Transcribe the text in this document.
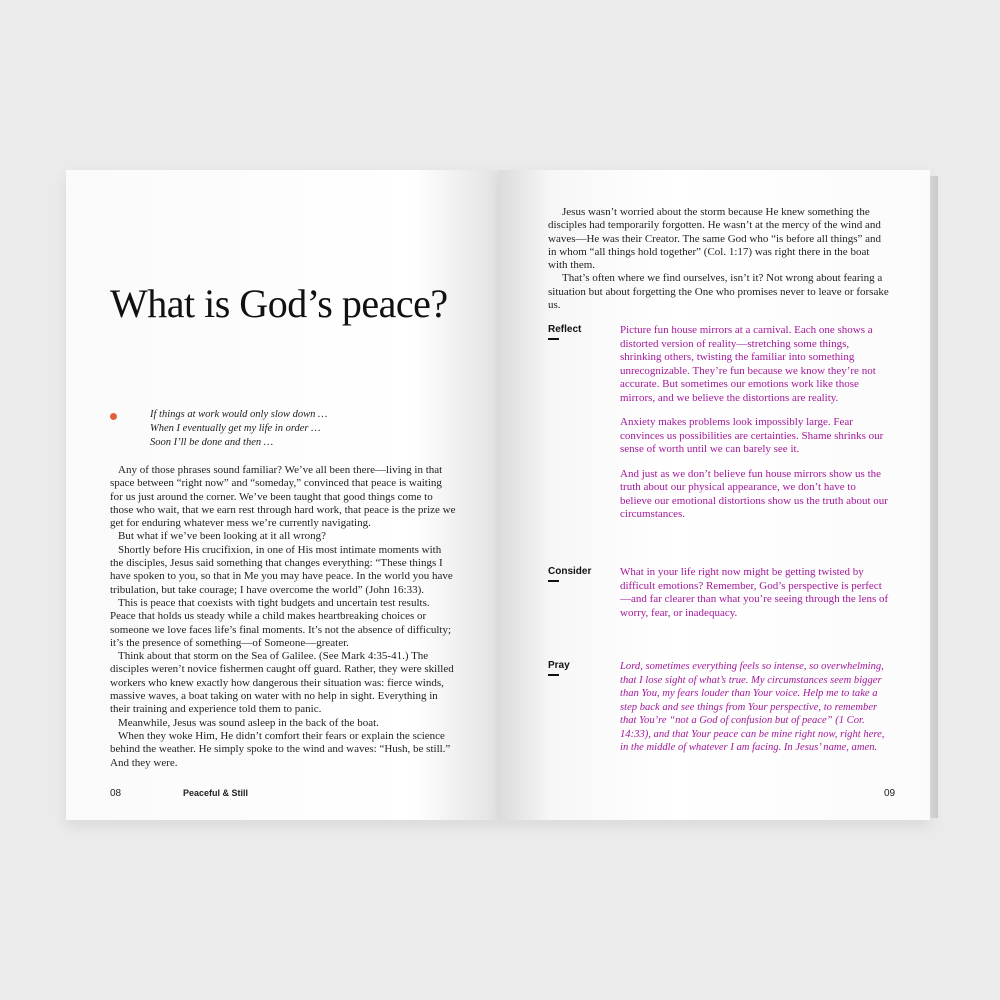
What is God’s peace?
If things at work would only slow down …
When I eventually get my life in order …
Soon I’ll be done and then …

Any of those phrases sound familiar? We’ve all been there—living in that space between “right now” and “someday,” convinced that peace is waiting for us just around the corner. We’ve been taught that good things come to those who wait, that we earn rest through hard work, that peace is the prize we get for enduring whatever mess we’re currently navigating.

But what if we’ve been looking at it all wrong?

Shortly before His crucifixion, in one of His most intimate moments with the disciples, Jesus said something that changes everything: “These things I have spoken to you, so that in Me you may have peace. In the world you have tribulation, but take courage; I have overcome the world” (John 16:33).

This is peace that coexists with tight budgets and uncertain test results. Peace that holds us steady while a child makes heartbreaking choices or someone we love faces life’s final moments. It’s not the absence of difficulty; it’s the presence of something—of Someone—greater.

Think about that storm on the Sea of Galilee. (See Mark 4:35-41.) The disciples weren’t novice fishermen caught off guard. Rather, they were skilled workers who knew exactly how dangerous their situation was: fierce winds, massive waves, a boat taking on water with no help in sight. Everything in their training and experience told them to panic.

Meanwhile, Jesus was sound asleep in the back of the boat.

When they woke Him, He didn’t comfort their fears or explain the science behind the weather. He simply spoke to the wind and waves: “Hush, be still.” And they were.

08	Peaceful & Still

Jesus wasn’t worried about the storm because He knew something the disciples had temporarily forgotten. He wasn’t at the mercy of the wind and waves—He was their Creator. The same God who “is before all things” and in whom “all things hold together” (Col. 1:17) was right there in the boat with them.

That’s often where we find ourselves, isn’t it? Not wrong about fearing a situation but about forgetting the One who promises never to leave or forsake us.

Reflect	Picture fun house mirrors at a carnival. Each one shows a distorted version of reality—stretching some things, shrinking others, twisting the familiar into something unrecognizable. They’re fun because we know they’re not accurate. But sometimes our emotions work like those mirrors, and we believe the distortions are reality.

Anxiety makes problems look impossibly large. Fear convinces us possibilities are certainties. Shame shrinks our sense of worth until we can barely see it.

And just as we don’t believe fun house mirrors show us the truth about our physical appearance, we don’t have to believe our emotional distortions show us the truth about our circumstances.

Consider	What in your life right now might be getting twisted by difficult emotions? Remember, God’s perspective is perfect—and far clearer than what you’re seeing through the lens of worry, fear, or inadequacy.

Pray	Lord, sometimes everything feels so intense, so overwhelming, that I lose sight of what’s true. My circumstances seem bigger than You, my fears louder than Your voice. Help me to take a step back and see things from Your perspective, to remember that You’re “not a God of confusion but of peace” (1 Cor. 14:33), and that Your peace can be mine right now, right here, in the middle of whatever I am facing. In Jesus’ name, amen.

09
